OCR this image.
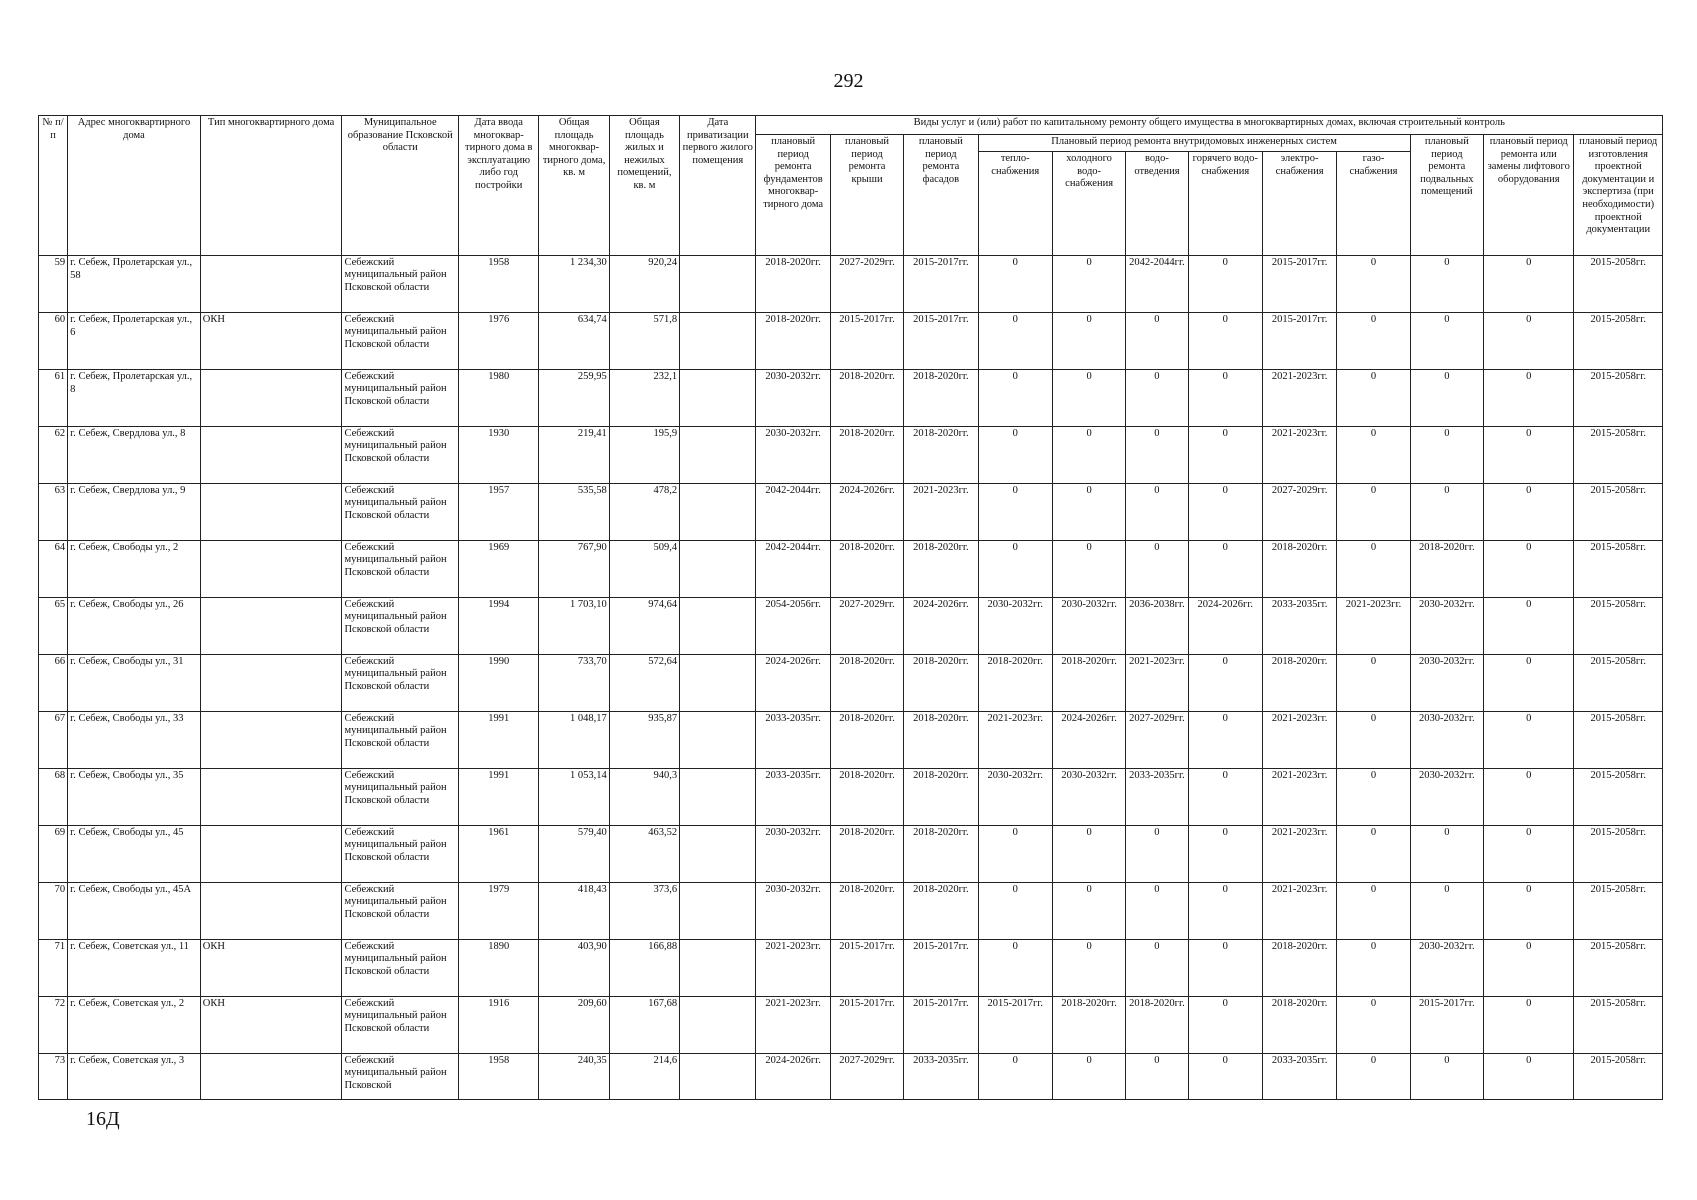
292
№ п/п	Адрес многоквартирного дома	Тип многоквартирного дома	Муниципальное образование Псковской области	Дата ввода многоквар-тирного дома в эксплуатацию либо год постройки	Общая площадь многоквар-тирного дома, кв. м	Общая площадь жилых и нежилых помещений, кв. м	Дата приватизации первого жилого помещения	Виды услуг и (или) работ по капитальному ремонту общего имущества в многоквартирных домах, включая строительный контроль											
								плановый период ремонта фундаментов многоквар-тирного дома	плановый период ремонта крыши	плановый период ремонта фасадов	Плановый период ремонта внутридомовых инженерных систем						плановый период ремонта подвальных помещений	плановый период ремонта или замены лифтового оборудования	плановый период изготовления проектной документации и экспертиза (при необходимости) проектной документации
											тепло-снабжения	холодного водо-снабжения	водо-отведения	горячего водо-снабжения	электро-снабжения	газо-снабжения			
59	г. Себеж, Пролетарская ул., 58		Себежский муниципальный район Псковской области	1958	1 234,30	920,24		2018-2020гг.	2027-2029гг.	2015-2017гг.	0	0	2042-2044гг.	0	2015-2017гг.	0	0	0	2015-2058гг.
60	г. Себеж, Пролетарская ул., 6	ОКН	Себежский муниципальный район Псковской области	1976	634,74	571,8		2018-2020гг.	2015-2017гг.	2015-2017гг.	0	0	0	0	2015-2017гг.	0	0	0	2015-2058гг.
61	г. Себеж, Пролетарская ул., 8		Себежский муниципальный район Псковской области	1980	259,95	232,1		2030-2032гг.	2018-2020гг.	2018-2020гг.	0	0	0	0	2021-2023гг.	0	0	0	2015-2058гг.
62	г. Себеж, Свердлова ул., 8		Себежский муниципальный район Псковской области	1930	219,41	195,9		2030-2032гг.	2018-2020гг.	2018-2020гг.	0	0	0	0	2021-2023гг.	0	0	0	2015-2058гг.
63	г. Себеж, Свердлова ул., 9		Себежский муниципальный район Псковской области	1957	535,58	478,2		2042-2044гг.	2024-2026гг.	2021-2023гг.	0	0	0	0	2027-2029гг.	0	0	0	2015-2058гг.
64	г. Себеж, Свободы ул., 2		Себежский муниципальный район Псковской области	1969	767,90	509,4		2042-2044гг.	2018-2020гг.	2018-2020гг.	0	0	0	0	2018-2020гг.	0	2018-2020гг.	0	2015-2058гг.
65	г. Себеж, Свободы ул., 26		Себежский муниципальный район Псковской области	1994	1 703,10	974,64		2054-2056гг.	2027-2029гг.	2024-2026гг.	2030-2032гг.	2030-2032гг.	2036-2038гг.	2024-2026гг.	2033-2035гг.	2021-2023гг.	2030-2032гг.	0	2015-2058гг.
66	г. Себеж, Свободы ул., 31		Себежский муниципальный район Псковской области	1990	733,70	572,64		2024-2026гг.	2018-2020гг.	2018-2020гг.	2018-2020гг.	2018-2020гг.	2021-2023гг.	0	2018-2020гг.	0	2030-2032гг.	0	2015-2058гг.
67	г. Себеж, Свободы ул., 33		Себежский муниципальный район Псковской области	1991	1 048,17	935,87		2033-2035гг.	2018-2020гг.	2018-2020гг.	2021-2023гг.	2024-2026гг.	2027-2029гг.	0	2021-2023гг.	0	2030-2032гг.	0	2015-2058гг.
68	г. Себеж, Свободы ул., 35		Себежский муниципальный район Псковской области	1991	1 053,14	940,3		2033-2035гг.	2018-2020гг.	2018-2020гг.	2030-2032гг.	2030-2032гг.	2033-2035гг.	0	2021-2023гг.	0	2030-2032гг.	0	2015-2058гг.
69	г. Себеж, Свободы ул., 45		Себежский муниципальный район Псковской области	1961	579,40	463,52		2030-2032гг.	2018-2020гг.	2018-2020гг.	0	0	0	0	2021-2023гг.	0	0	0	2015-2058гг.
70	г. Себеж, Свободы ул., 45А		Себежский муниципальный район Псковской области	1979	418,43	373,6		2030-2032гг.	2018-2020гг.	2018-2020гг.	0	0	0	0	2021-2023гг.	0	0	0	2015-2058гг.
71	г. Себеж, Советская ул., 11	ОКН	Себежский муниципальный район Псковской области	1890	403,90	166,88		2021-2023гг.	2015-2017гг.	2015-2017гг.	0	0	0	0	2018-2020гг.	0	2030-2032гг.	0	2015-2058гг.
72	г. Себеж, Советская ул., 2	ОКН	Себежский муниципальный район Псковской области	1916	209,60	167,68		2021-2023гг.	2015-2017гг.	2015-2017гг.	2015-2017гг.	2018-2020гг.	2018-2020гг.	0	2018-2020гг.	0	2015-2017гг.	0	2015-2058гг.
73	г. Себеж, Советская ул., 3		Себежский муниципальный район Псковской	1958	240,35	214,6		2024-2026гг.	2027-2029гг.	2033-2035гг.	0	0	0	0	2033-2035гг.	0	0	0	2015-2058гг.
16Д
